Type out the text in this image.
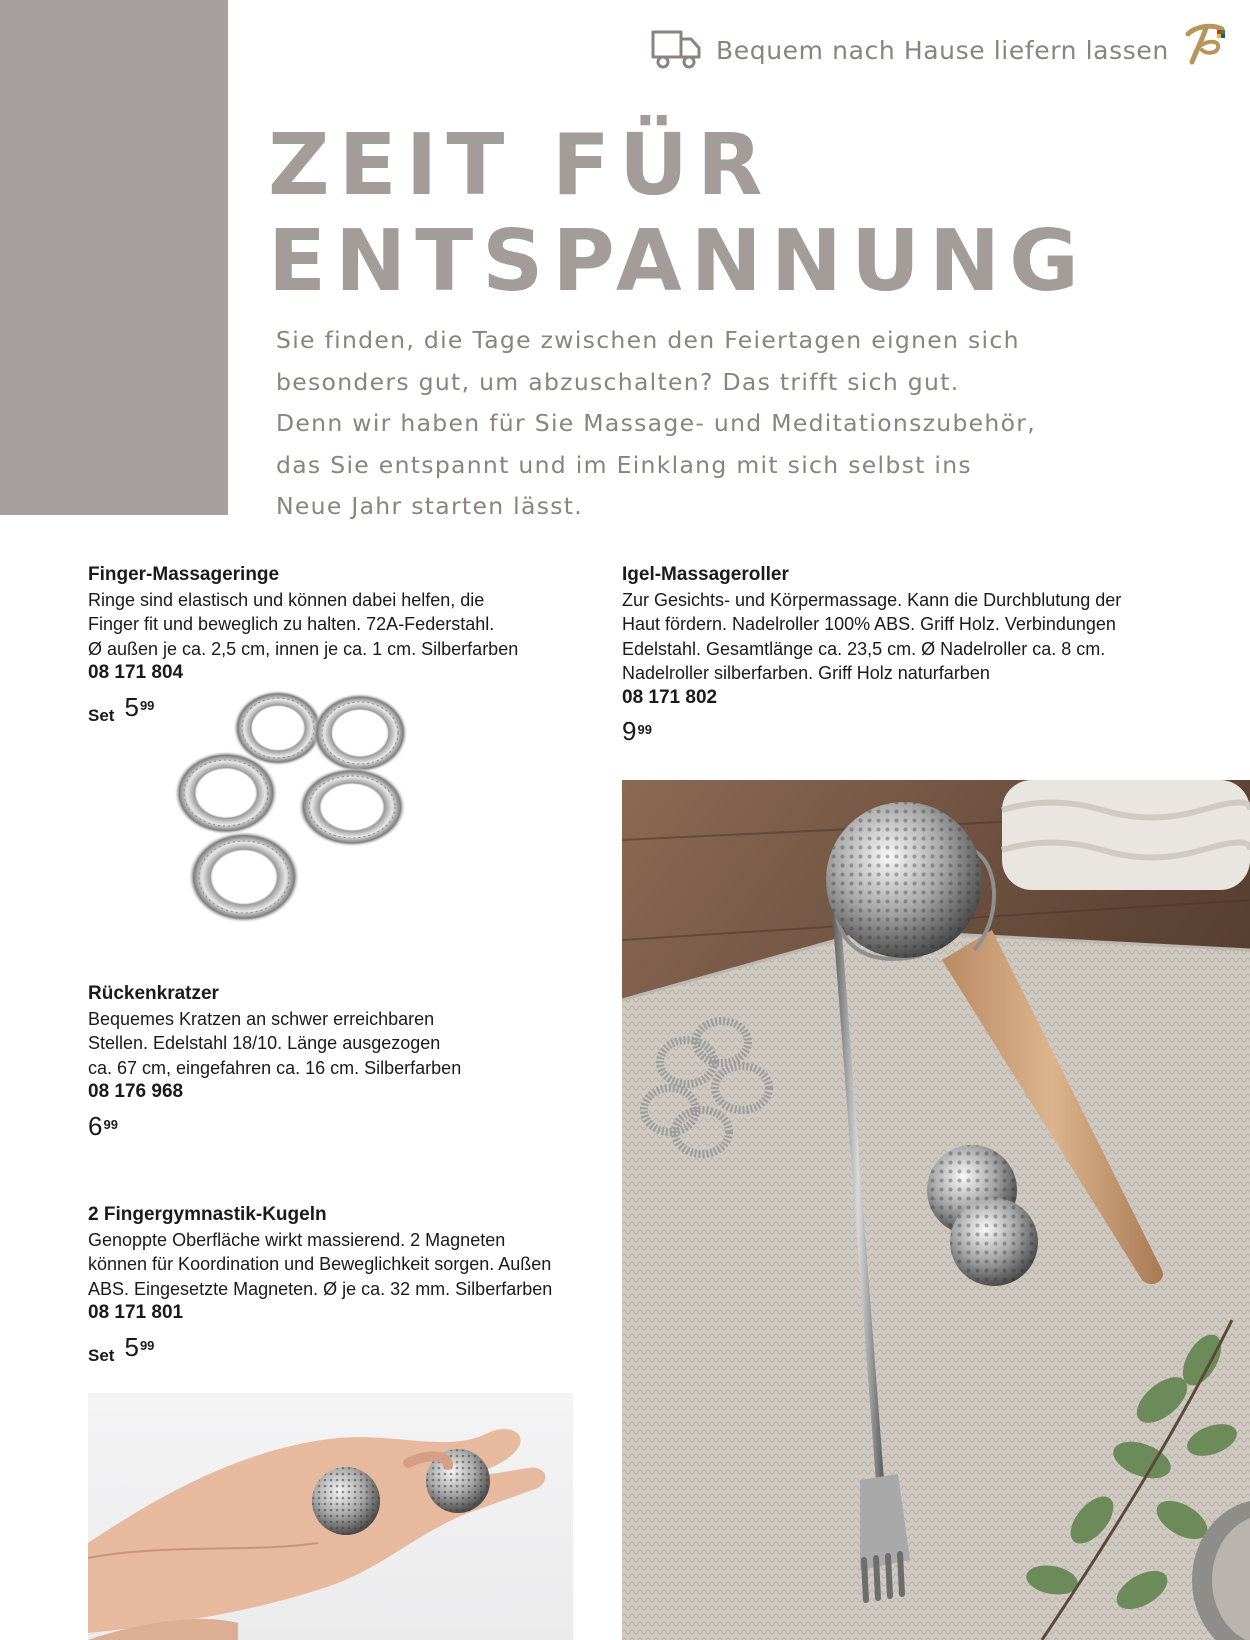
Bequem nach Hause liefern lassen
ZEIT FÜR
ENTSPANNUNG
Sie finden, die Tage zwischen den Feiertagen eignen sich
besonders gut, um abzuschalten? Das trifft sich gut.
Denn wir haben für Sie Massage- und Meditationszubehör,
das Sie entspannt und im Einklang mit sich selbst ins
Neue Jahr starten lässt.
Finger-Massageringe
Ringe sind elastisch und können dabei helfen, die
Finger fit und beweglich zu halten. 72A-Federstahl.
Ø außen je ca. 2,5 cm, innen je ca. 1 cm. Silberfarben
08 171 804
Set 5 99
Igel-Massageroller
Zur Gesichts- und Körpermassage. Kann die Durchblutung der
Haut fördern. Nadelroller 100% ABS. Griff Holz. Verbindungen
Edelstahl. Gesamtlänge ca. 23,5 cm. Ø Nadelroller ca. 8 cm.
Nadelroller silberfarben. Griff Holz naturfarben
08 171 802
9 99
Rückenkratzer
Bequemes Kratzen an schwer erreichbaren
Stellen. Edelstahl 18/10. Länge ausgezogen
ca. 67 cm, eingefahren ca. 16 cm. Silberfarben
08 176 968
6 99
2 Fingergymnastik-Kugeln
Genoppte Oberfläche wirkt massierend. 2 Magneten
können für Koordination und Beweglichkeit sorgen. Außen
ABS. Eingesetzte Magneten. Ø je ca. 32 mm. Silberfarben
08 171 801
Set 5 99
